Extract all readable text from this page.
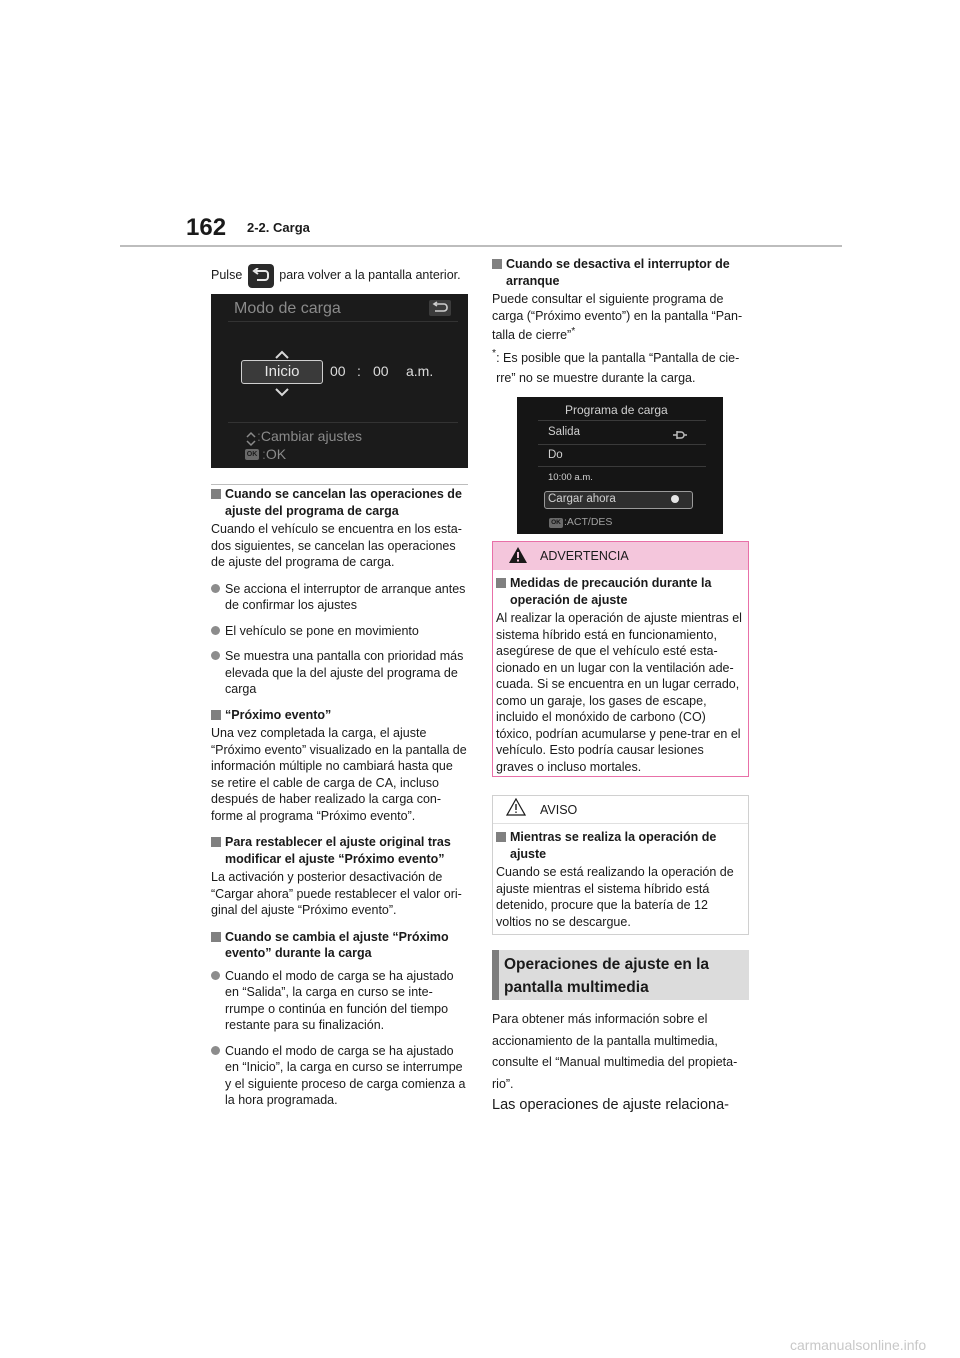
162 2-2. Carga
Pulse	para volver a la pantalla anterior.
Modo de carga
Inicio	00 : 00 a.m.
:Cambiar ajustes
OK :OK
Cuando se cancelan las operaciones de ajuste del programa de carga

Cuando el vehículo se encuentra en los esta-dos siguientes, se cancelan las operaciones de ajuste del programa de carga.

Se acciona el interruptor de arranque antes de confirmar los ajustes
El vehículo se pone en movimiento
Se muestra una pantalla con prioridad más elevada que la del ajuste del programa de carga
“Próximo evento”

Una vez completada la carga, el ajuste “Próximo evento” visualizado en la pantalla de información múltiple no cambiará hasta que se retire el cable de carga de CA, incluso después de haber realizado la carga con-forme al programa “Próximo evento”.

Para restablecer el ajuste original tras modificar el ajuste “Próximo evento”

La activación y posterior desactivación de “Cargar ahora” puede restablecer el valor ori-ginal del ajuste “Próximo evento”.

Cuando se cambia el ajuste “Próximo evento” durante la carga
Cuando el modo de carga se ha ajustado en “Salida”, la carga en curso se inte-rrumpe o continúa en función del tiempo restante para su finalización.
Cuando el modo de carga se ha ajustado en “Inicio”, la carga en curso se interrumpe y el siguiente proceso de carga comienza a la hora programada.
Cuando se desactiva el interruptor de arranque

Puede consultar el siguiente programa de carga (“Próximo evento”) en la pantalla “Pan-talla de cierre”*

* : Es posible que la pantalla “Pantalla de cie-rre” no se muestre durante la carga.
Programa de carga
Salida
Do
10:00 a.m.
Cargar ahora
OK :ACT/DES
ADVERTENCIA
Medidas de precaución durante la operación de ajuste

Al realizar la operación de ajuste mientras el sistema híbrido está en funcionamiento, asegúrese de que el vehículo esté esta-cionado en un lugar con la ventilación ade-cuada. Si se encuentra en un lugar cerrado, como un garaje, los gases de escape, incluido el monóxido de carbono (CO) tóxico, podrían acumularse y pene-trar en el vehículo. Esto podría causar lesiones graves o incluso mortales.

AVISO
Mientras se realiza la operación de ajuste

Cuando se está realizando la operación de ajuste mientras el sistema híbrido está detenido, procure que la batería de 12 voltios no se descargue.

Operaciones de ajuste en la pantalla multimedia
Para obtener más información sobre el accionamiento de la pantalla multimedia, consulte el “Manual multimedia del propieta-rio”.
Las operaciones de ajuste relaciona-
carmanualsonline.info
